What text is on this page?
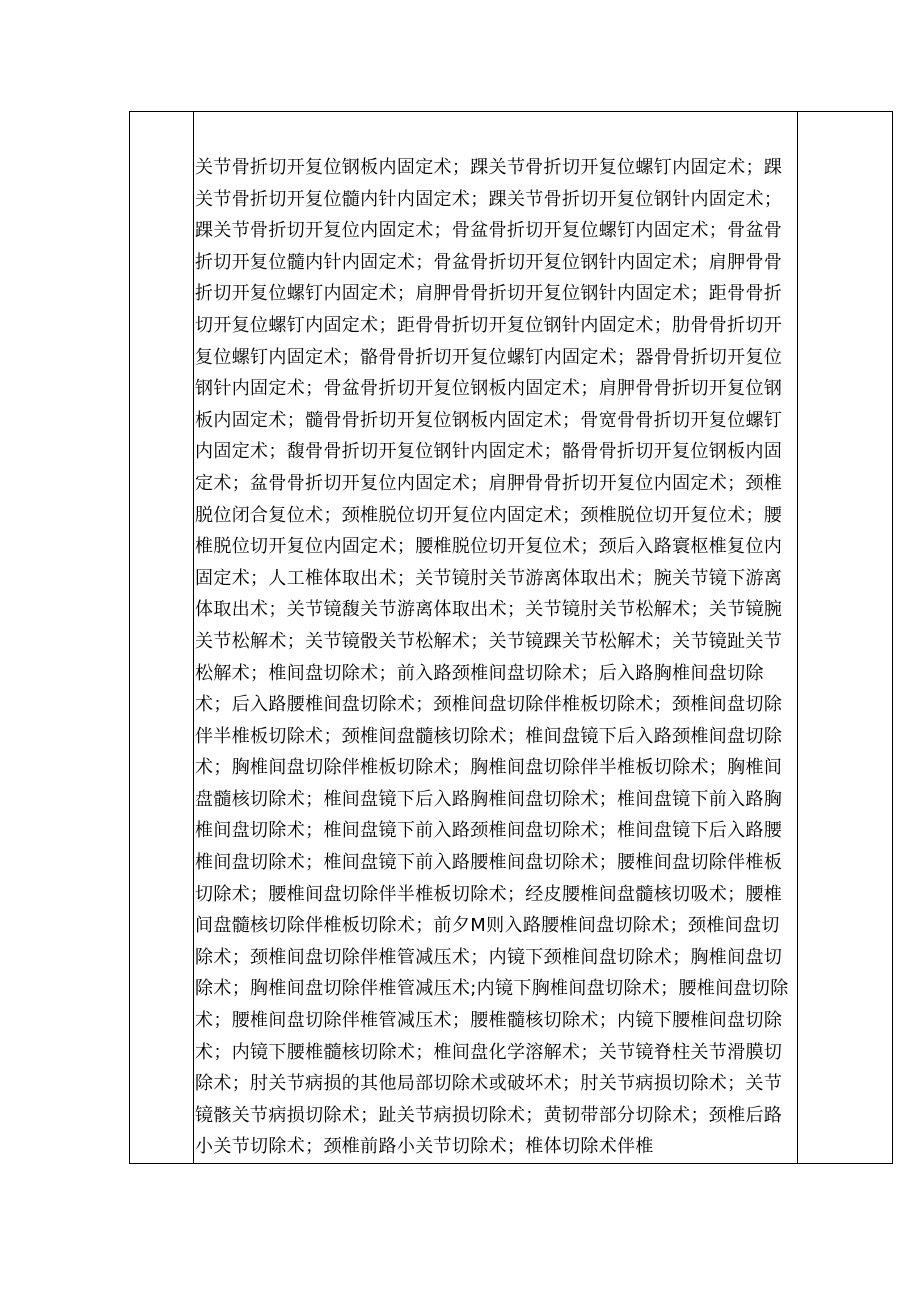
关节骨折切开复位钢板内固定术；踝关节骨折切开复位螺钉内固定术；踝关节骨折切开复位髓内针内固定术；踝关节骨折切开复位钢针内固定术；踝关节骨折切开复位内固定术；骨盆骨折切开复位螺钉内固定术；骨盆骨折切开复位髓内针内固定术；骨盆骨折切开复位钢针内固定术；肩胛骨骨折切开复位螺钉内固定术；肩胛骨骨折切开复位钢针内固定术；距骨骨折切开复位螺钉内固定术；距骨骨折切开复位钢针内固定术；肋骨骨折切开复位螺钉内固定术；骼骨骨折切开复位螺钉内固定术；器骨骨折切开复位钢针内固定术；骨盆骨折切开复位钢板内固定术；肩胛骨骨折切开复位钢板内固定术；髓骨骨折切开复位钢板内固定术；骨宽骨骨折切开复位螺钉内固定术；馥骨骨折切开复位钢针内固定术；骼骨骨折切开复位钢板内固定术；盆骨骨折切开复位内固定术；肩胛骨骨折切开复位内固定术；颈椎脱位闭合复位术；颈椎脱位切开复位内固定术；颈椎脱位切开复位术；腰椎脱位切开复位内固定术；腰椎脱位切开复位术；颈后入路寰枢椎复位内固定术；人工椎体取出术；关节镜肘关节游离体取出术；腕关节镜下游离体取出术；关节镜馥关节游离体取出术；关节镜肘关节松解术；关节镜腕关节松解术；关节镜骰关节松解术；关节镜踝关节松解术；关节镜趾关节松解术；椎间盘切除术；前入路颈椎间盘切除术；后入路胸椎间盘切除术；后入路腰椎间盘切除术；颈椎间盘切除伴椎板切除术；颈椎间盘切除伴半椎板切除术；颈椎间盘髓核切除术；椎间盘镜下后入路颈椎间盘切除术；胸椎间盘切除伴椎板切除术；胸椎间盘切除伴半椎板切除术；胸椎间盘髓核切除术；椎间盘镜下后入路胸椎间盘切除术；椎间盘镜下前入路胸椎间盘切除术；椎间盘镜下前入路颈椎间盘切除术；椎间盘镜下后入路腰椎间盘切除术；椎间盘镜下前入路腰椎间盘切除术；腰椎间盘切除伴椎板切除术；腰椎间盘切除伴半椎板切除术；经皮腰椎间盘髓核切吸术；腰椎间盘髓核切除伴椎板切除术；前夕M则入路腰椎间盘切除术；颈椎间盘切除术；颈椎间盘切除伴椎管减压术；内镜下颈椎间盘切除术；胸椎间盘切除术；胸椎间盘切除伴椎管减压术;内镜下胸椎间盘切除术；腰椎间盘切除术；腰椎间盘切除伴椎管减压术；腰椎髓核切除术；内镜下腰椎间盘切除术；内镜下腰椎髓核切除术；椎间盘化学溶解术；关节镜脊柱关节滑膜切除术；肘关节病损的其他局部切除术或破坏术；肘关节病损切除术；关节镜骸关节病损切除术；趾关节病损切除术；黄韧带部分切除术；颈椎后路小关节切除术；颈椎前路小关节切除术；椎体切除术伴椎
